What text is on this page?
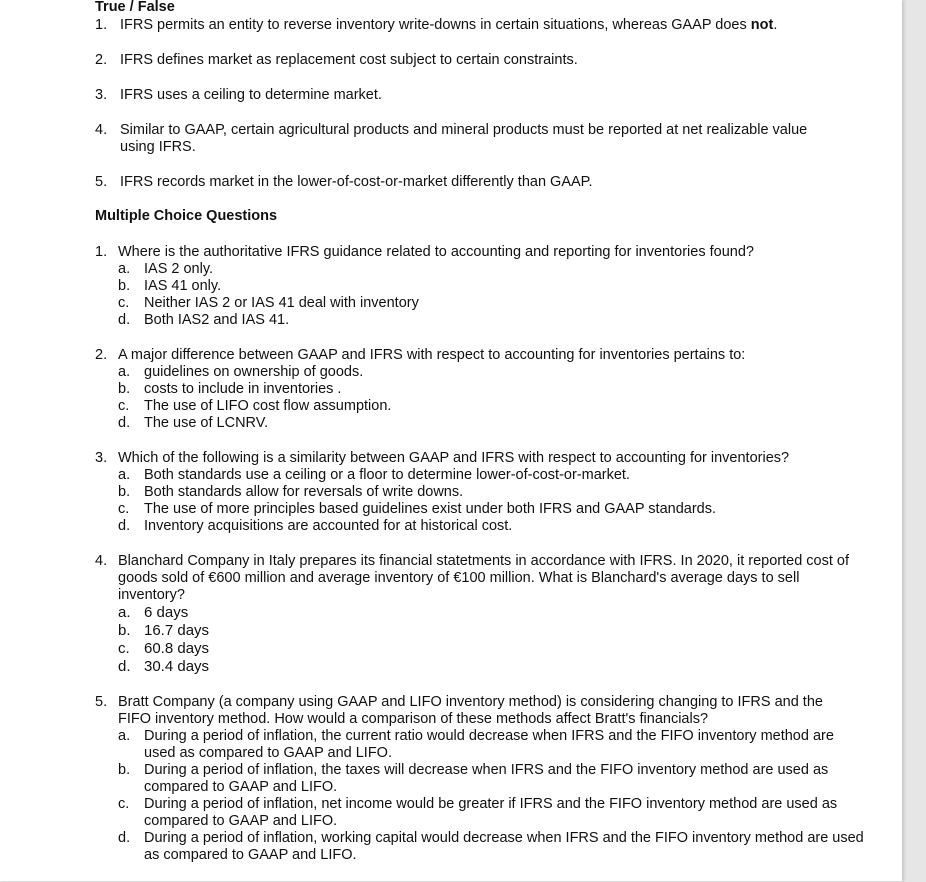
True / False
1. IFRS permits an entity to reverse inventory write-downs in certain situations, whereas GAAP does not.
2. IFRS defines market as replacement cost subject to certain constraints.
3. IFRS uses a ceiling to determine market.
4. Similar to GAAP, certain agricultural products and mineral products must be reported at net realizable value using IFRS.
5. IFRS records market in the lower-of-cost-or-market differently than GAAP.
Multiple Choice Questions
1. Where is the authoritative IFRS guidance related to accounting and reporting for inventories found?
a. IAS 2 only.
b. IAS 41 only.
c.	Neither IAS 2 or IAS 41 deal with inventory
d. Both IAS2 and IAS 41.
2. A major difference between GAAP and IFRS with respect to accounting for inventories pertains to:
a. guidelines on ownership of goods.
b. costs to include in inventories .
c.	The use of LIFO cost flow assumption.
d. The use of LCNRV.
3. Which of the following is a similarity between GAAP and IFRS with respect to accounting for inventories?
a. Both standards use a ceiling or a floor to determine lower-of-cost-or-market.
b. Both standards allow for reversals of write downs.
c.	The use of more principles based guidelines exist under both IFRS and GAAP standards.
d. Inventory acquisitions are accounted for at historical cost.
4. Blanchard Company in Italy prepares its financial statetments in accordance with IFRS. In 2020, it reported cost of goods sold of €600 million and average inventory of €100 million. What is Blanchard's average days to sell inventory?
a. 6 days
b. 16.7 days
c. 60.8 days
d. 30.4 days
5. Bratt Company (a company using GAAP and LIFO inventory method) is considering changing to IFRS and the FIFO inventory method. How would a comparison of these methods affect Bratt's financials?
a. During a period of inflation, the current ratio would decrease when IFRS and the FIFO inventory method are used as compared to GAAP and LIFO.
b. During a period of inflation, the taxes will decrease when IFRS and the FIFO inventory method are used as compared to GAAP and LIFO.
c.	During a period of inflation, net income would be greater if IFRS and the FIFO inventory method are used as compared to GAAP and LIFO.
d. During a period of inflation, working capital would decrease when IFRS and the FIFO inventory method are used as compared to GAAP and LIFO.
